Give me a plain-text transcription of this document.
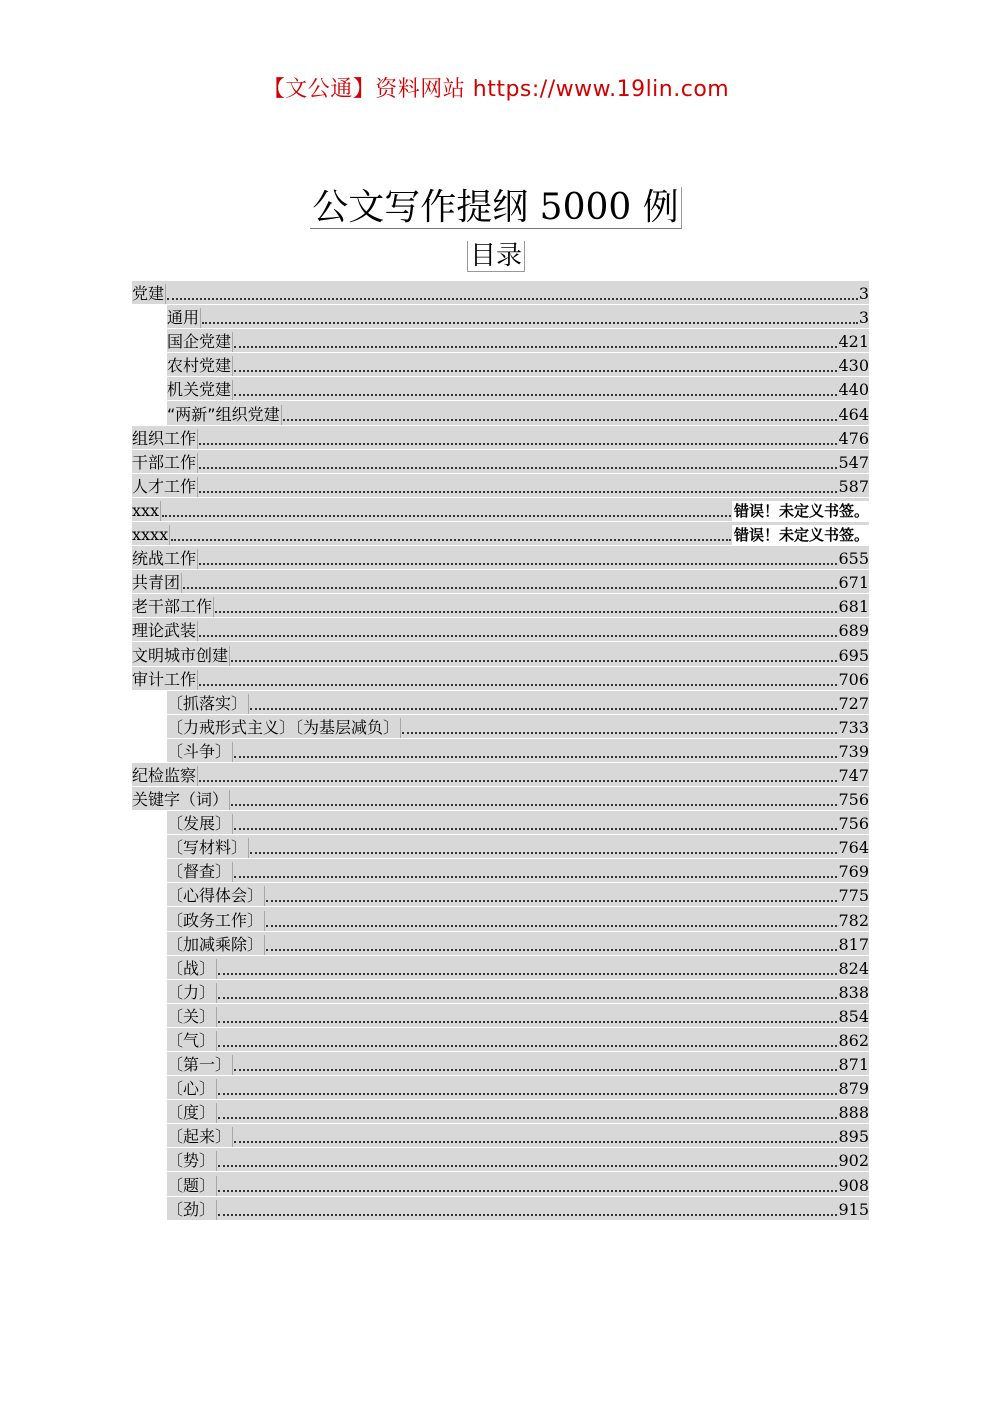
【文公通】资料网站 https://www.19lin.com
公文写作提纲 5000 例
目录
党建	3
通用	3
国企党建	421
农村党建	430
机关党建	440
“两新”组织党建	464
组织工作	476
干部工作	547
人才工作	587
xxx	错误！未定义书签。
xxxx	错误！未定义书签。
统战工作	655
共青团	671
老干部工作	681
理论武装	689
文明城市创建	695
审计工作	706
〔抓落实〕	727
〔力戒形式主义〕〔为基层减负〕	733
〔斗争〕	739
纪检监察	747
关键字（词）	756
〔发展〕	756
〔写材料〕	764
〔督查〕	769
〔心得体会〕	775
〔政务工作〕	782
〔加减乘除〕	817
〔战〕	824
〔力〕	838
〔关〕	854
〔气〕	862
〔第一〕	871
〔心〕	879
〔度〕	888
〔起来〕	895
〔势〕	902
〔题〕	908
〔劲〕	915
